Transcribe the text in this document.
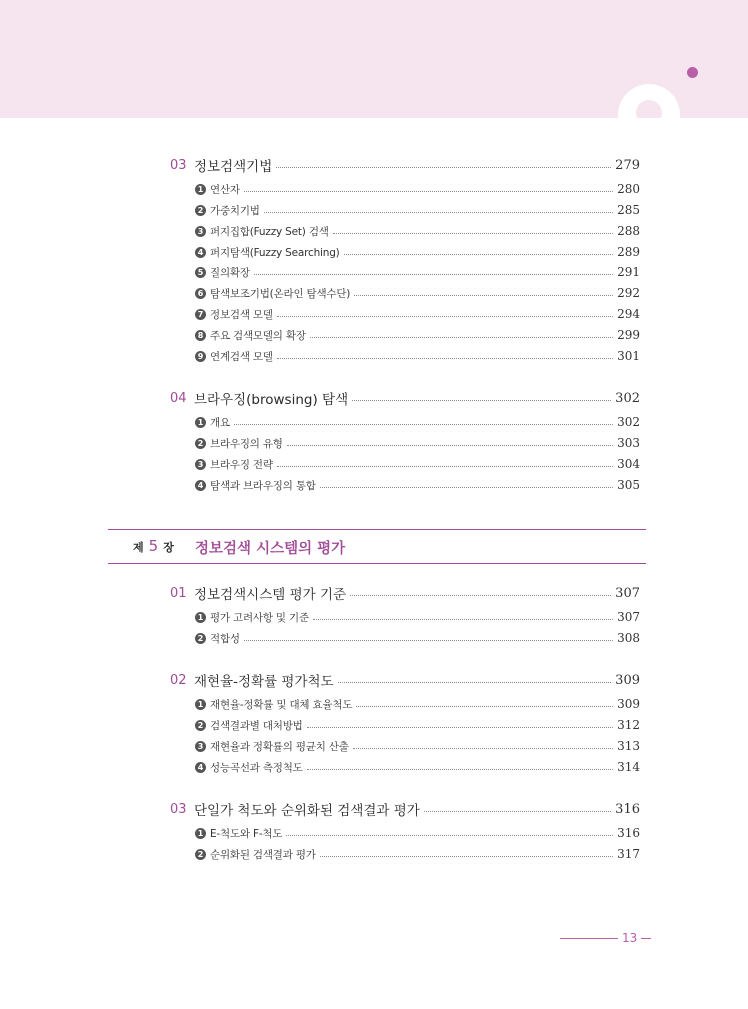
03 정보검색기법	279
1 연산자	280
2 가중치기법	285
3 퍼지집합(Fuzzy Set) 검색	288
4 퍼지탐색(Fuzzy Searching)	289
5 질의확장	291
6 탐색보조기법(온라인 탐색수단)	292
7 정보검색 모델	294
8 주요 검색모델의 확장	299
9 연계검색 모델	301
04 브라우징(browsing) 탐색	302
1 개요	302
2 브라우징의 유형	303
3 브라우징 전략	304
4 탐색과 브라우징의 통합	305
제 5 장 정보검색 시스템의 평가
01 정보검색시스템 평가 기준	307
1 평가 고려사항 및 기준	307
2 적합성	308
02 재현율-정확률 평가척도	309
1 재현율-정확률 및 대체 효율척도	309
2 검색결과별 대처방법	312
3 재현율과 정확률의 평균치 산출	313
4 성능곡선과 측정척도	314
03 단일가 척도와 순위화된 검색결과 평가	316
1 E-척도와 F-척도	316
2 순위화된 검색결과 평가	317
13
